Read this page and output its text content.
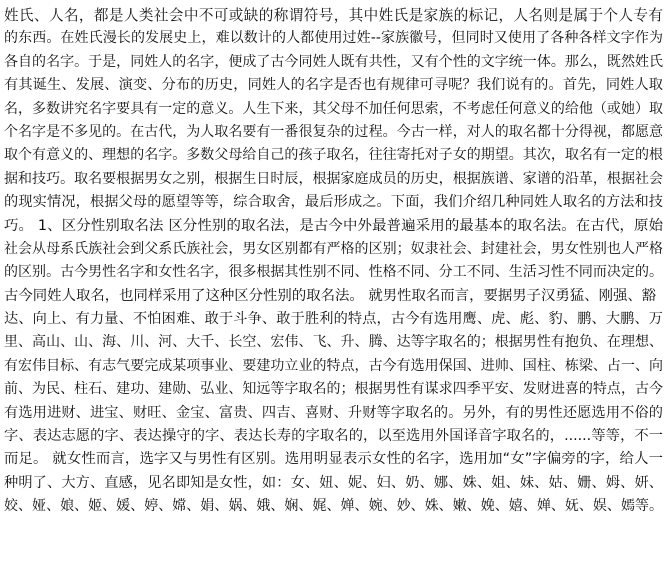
姓氏、人名，都是人类社会中不可或缺的称谓符号，其中姓氏是家族的标记，人名则是属于个人专有
的东西。在姓氏漫长的发展史上，难以数计的人都使用过姓--家族徽号，但同时又使用了各种各样文字作为
各自的名字。于是，同姓人的名字，便成了古今同姓人既有共性，又有个性的文字统一体。那么，既然姓氏
有其诞生、发展、演变、分布的历史，同姓人的名字是否也有规律可寻呢？我们说有的。首先，同姓人取
名，多数讲究名字要具有一定的意义。人生下来，其父母不加任何思索，不考虑任何意义的给他（或她）取
个名字是不多见的。在古代，为人取名要有一番很复杂的过程。今古一样，对人的取名都十分得视，都愿意
取个有意义的、理想的名字。多数父母给自己的孩子取名，往往寄托对子女的期望。其次，取名有一定的根
据和技巧。取名要根据男女之别，根据生日时辰，根据家庭成员的历史，根据族谱、家谱的沿革，根据社会
的现实情况，根据父母的愿望等等，综合取舍，最后形成之。下面，我们介绍几种同姓人取名的方法和技
巧。 1、区分性别取名法 区分性别的取名法，是古今中外最普遍采用的最基本的取名法。在古代，原始
社会从母系氏族社会到父系氏族社会，男女区别都有严格的区别；奴隶社会、封建社会，男女性别也人严格
的区别。古今男性名字和女性名字，很多根据其性别不同、性格不同、分工不同、生活习性不同而决定的。
古今同姓人取名，也同样采用了这种区分性别的取名法。 就男性取名而言，要据男子汉勇猛、刚强、豁
达、向上、有力量、不怕困难、敢于斗争、敢于胜利的特点，古今有选用鹰、虎、彪、豹、鹏、大鹏、万
里、高山、山、海、川、河、大千、长空、宏伟、飞、升、腾、达等字取名的；根据男性有抱负、在理想、
有宏伟目标、有志气要完成某项事业、要建功立业的特点，古今有选用保国、进帅、国柱、栋梁、占一、向
前、为民、柱石、建功、建勋、弘业、知远等字取名的；根据男性有谋求四季平安、发财进喜的特点，古今
有选用进财、进宝、财旺、金宝、富贵、四吉、喜财、升财等字取名的。另外，有的男性还愿选用不俗的
字、表达志愿的字、表达操守的字、表达长寿的字取名的，以至选用外国译音字取名的，......等等，不一
而足。 就女性而言，选字又与男性有区别。选用明显表示女性的名字，选用加“女”字偏旁的字，给人一
种明了、大方、直感，见名即知是女性，如：女、妞、妮、妇、奶、娜、姝、姐、妹、姑、姗、姆、妍、
姣、娅、娘、姬、媛、婷、嫦、娟、娲、娥、娴、娓、婵、婉、妙、姝、嫩、娩、嬉、婵、妩、娱、嫣等。
